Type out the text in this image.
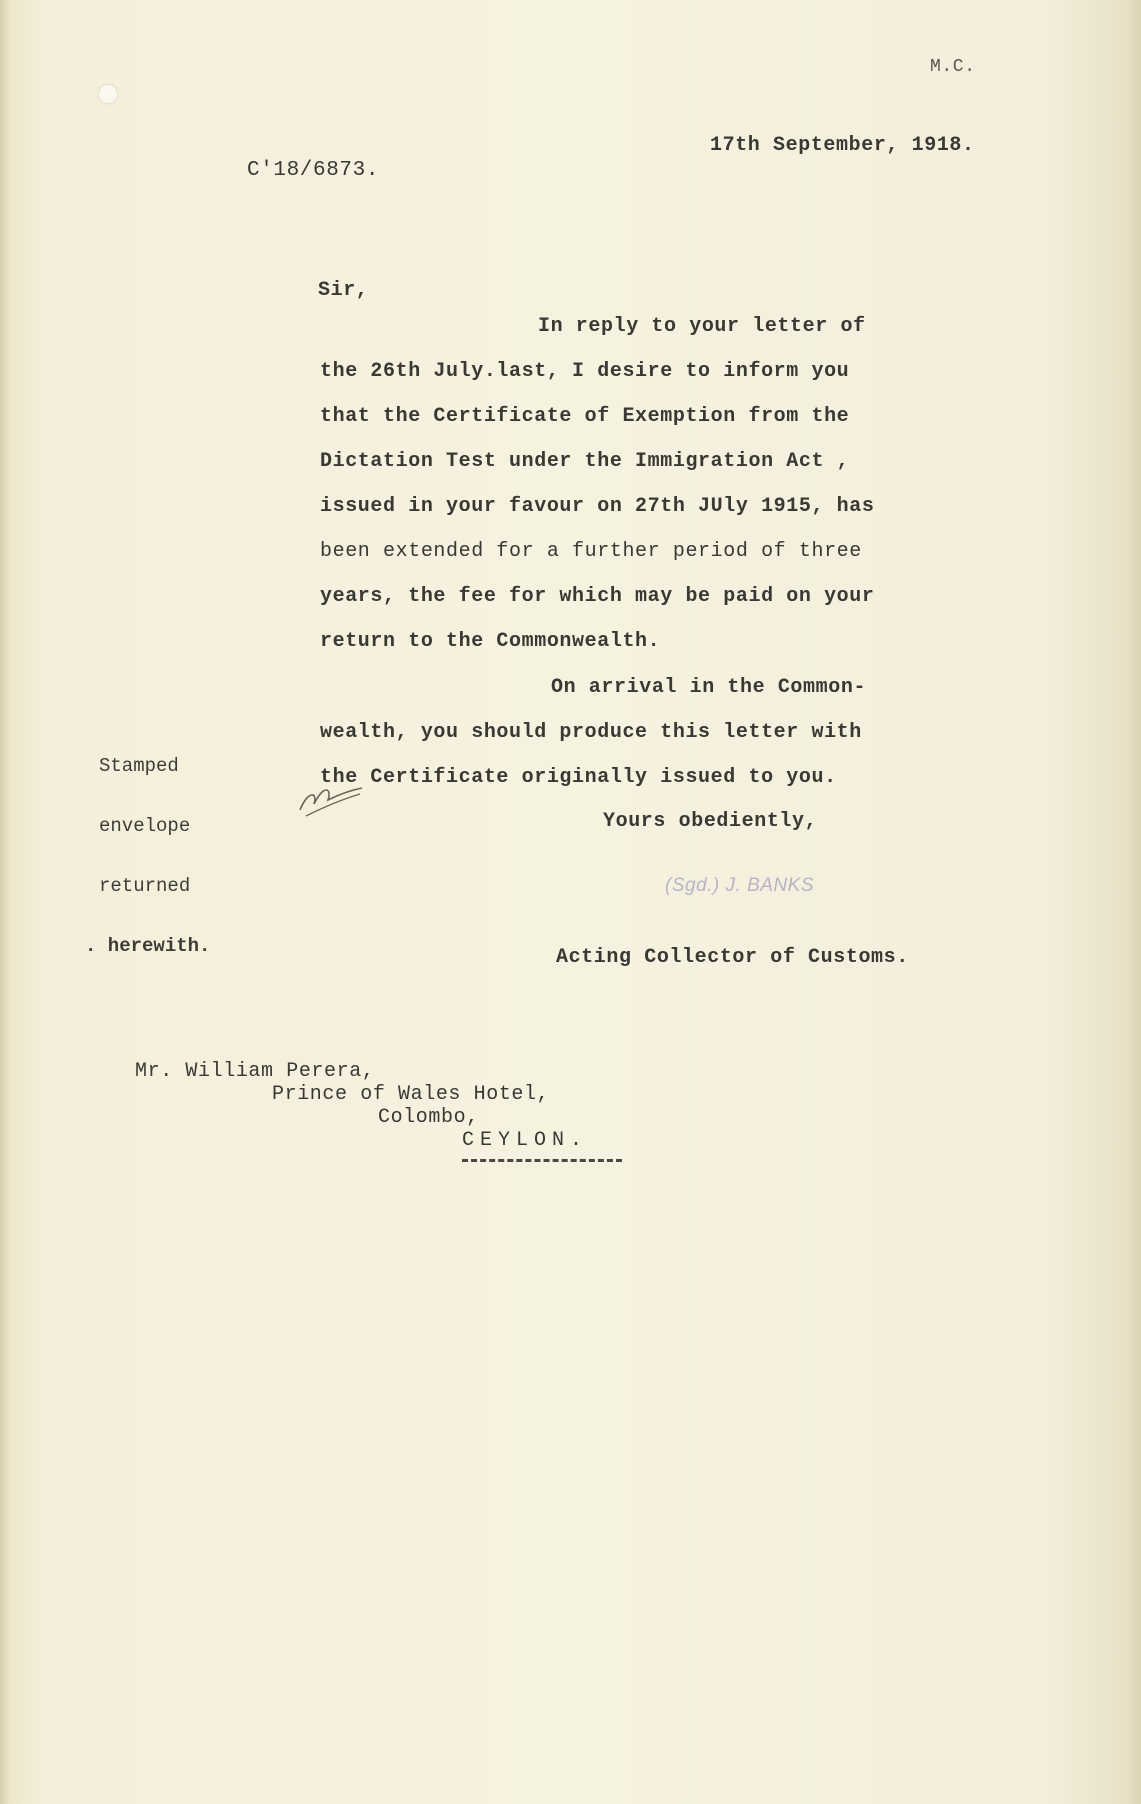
M.C.
17th September, 1918.
C'18/6873.
Sir,
In reply to your letter of
the 26th July.last, I desire to inform you
that the Certificate of Exemption from the
Dictation Test under the Immigration Act ,
issued in your favour on 27th JUly 1915, has
been extended for a further period of three
years, the fee for which may be paid on your
return to the Commonwealth.
On arrival in the Common-
wealth, you should produce this letter with
the Certificate originally issued to you.
Yours obediently,
(Sgd.) J. BANKS
Acting Collector of Customs.

Stamped

envelope

returned

. herewith.

Mr. William Perera,
Prince of Wales Hotel,
Colombo,
CEYLON.
